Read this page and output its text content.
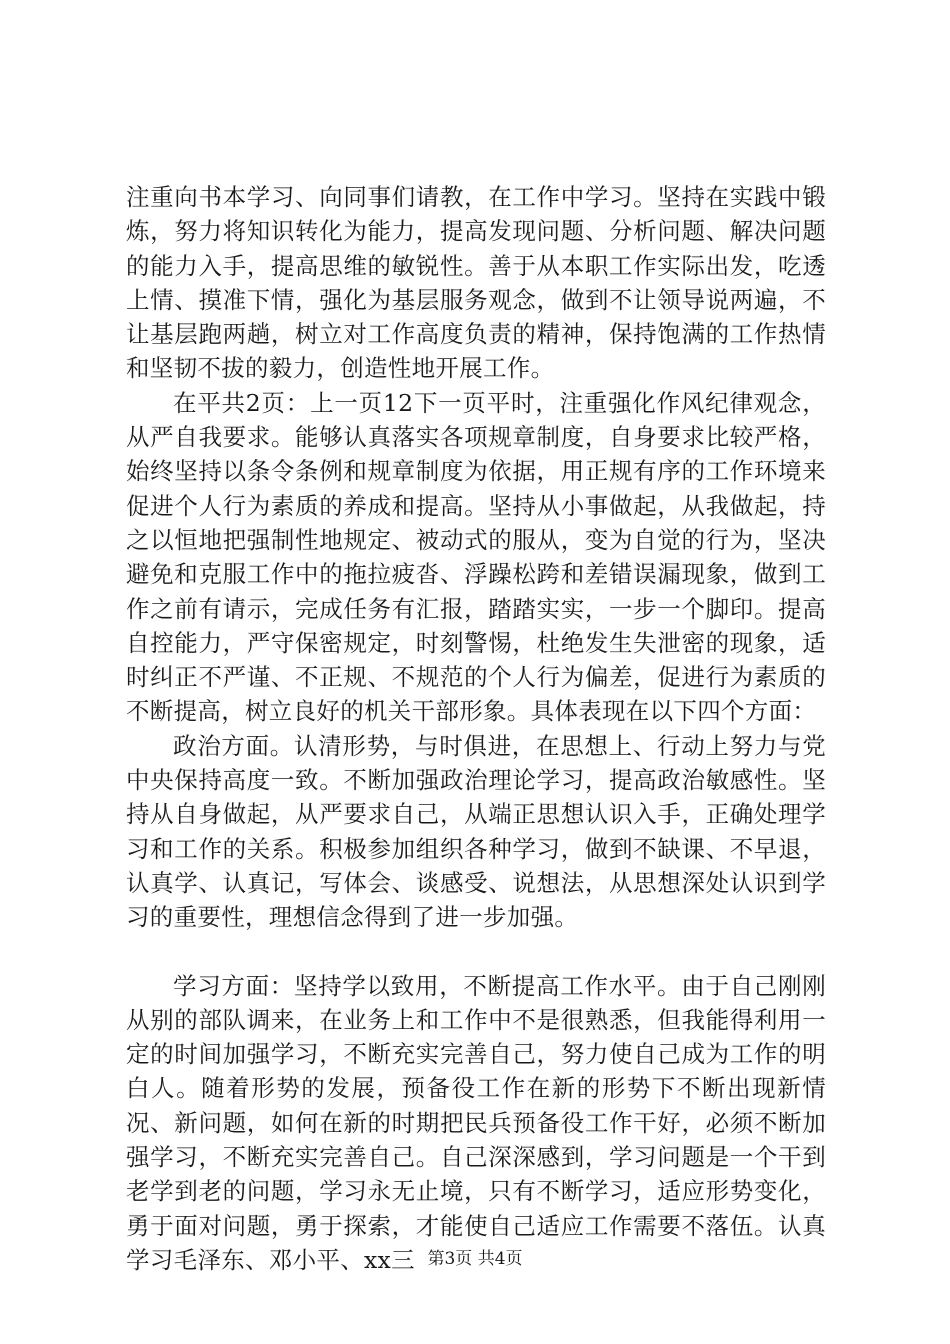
注重向书本学习、向同事们请教，在工作中学习。坚持在实践中锻炼，努力将知识转化为能力，提高发现问题、分析问题、解决问题的能力入手，提高思维的敏锐性。善于从本职工作实际出发，吃透上情、摸准下情，强化为基层服务观念，做到不让领导说两遍，不让基层跑两趟，树立对工作高度负责的精神，保持饱满的工作热情和坚韧不拔的毅力，创造性地开展工作。

在平共2页：上一页12下一页平时，注重强化作风纪律观念，从严自我要求。能够认真落实各项规章制度，自身要求比较严格，始终坚持以条令条例和规章制度为依据，用正规有序的工作环境来促进个人行为素质的养成和提高。坚持从小事做起，从我做起，持之以恒地把强制性地规定、被动式的服从，变为自觉的行为，坚决避免和克服工作中的拖拉疲沓、浮躁松跨和差错误漏现象，做到工作之前有请示，完成任务有汇报，踏踏实实，一步一个脚印。提高自控能力，严守保密规定，时刻警惕，杜绝发生失泄密的现象，适时纠正不严谨、不正规、不规范的个人行为偏差，促进行为素质的不断提高，树立良好的机关干部形象。具体表现在以下四个方面：

政治方面。认清形势，与时俱进，在思想上、行动上努力与党中央保持高度一致。不断加强政治理论学习，提高政治敏感性。坚持从自身做起，从严要求自己，从端正思想认识入手，正确处理学习和工作的关系。积极参加组织各种学习，做到不缺课、不早退，认真学、认真记，写体会、谈感受、说想法，从思想深处认识到学习的重要性，理想信念得到了进一步加强。

学习方面：坚持学以致用，不断提高工作水平。由于自己刚刚从别的部队调来，在业务上和工作中不是很熟悉，但我能得利用一定的时间加强学习，不断充实完善自己，努力使自己成为工作的明白人。随着形势的发展，预备役工作在新的形势下不断出现新情况、新问题，如何在新的时期把民兵预备役工作干好，必须不断加强学习，不断充实完善自己。自己深深感到，学习问题是一个干到老学到老的问题，学习永无止境，只有不断学习，适应形势变化，勇于面对问题，勇于探索，才能使自己适应工作需要不落伍。认真学习毛泽东、邓小平、xx三 第3页 共4页
